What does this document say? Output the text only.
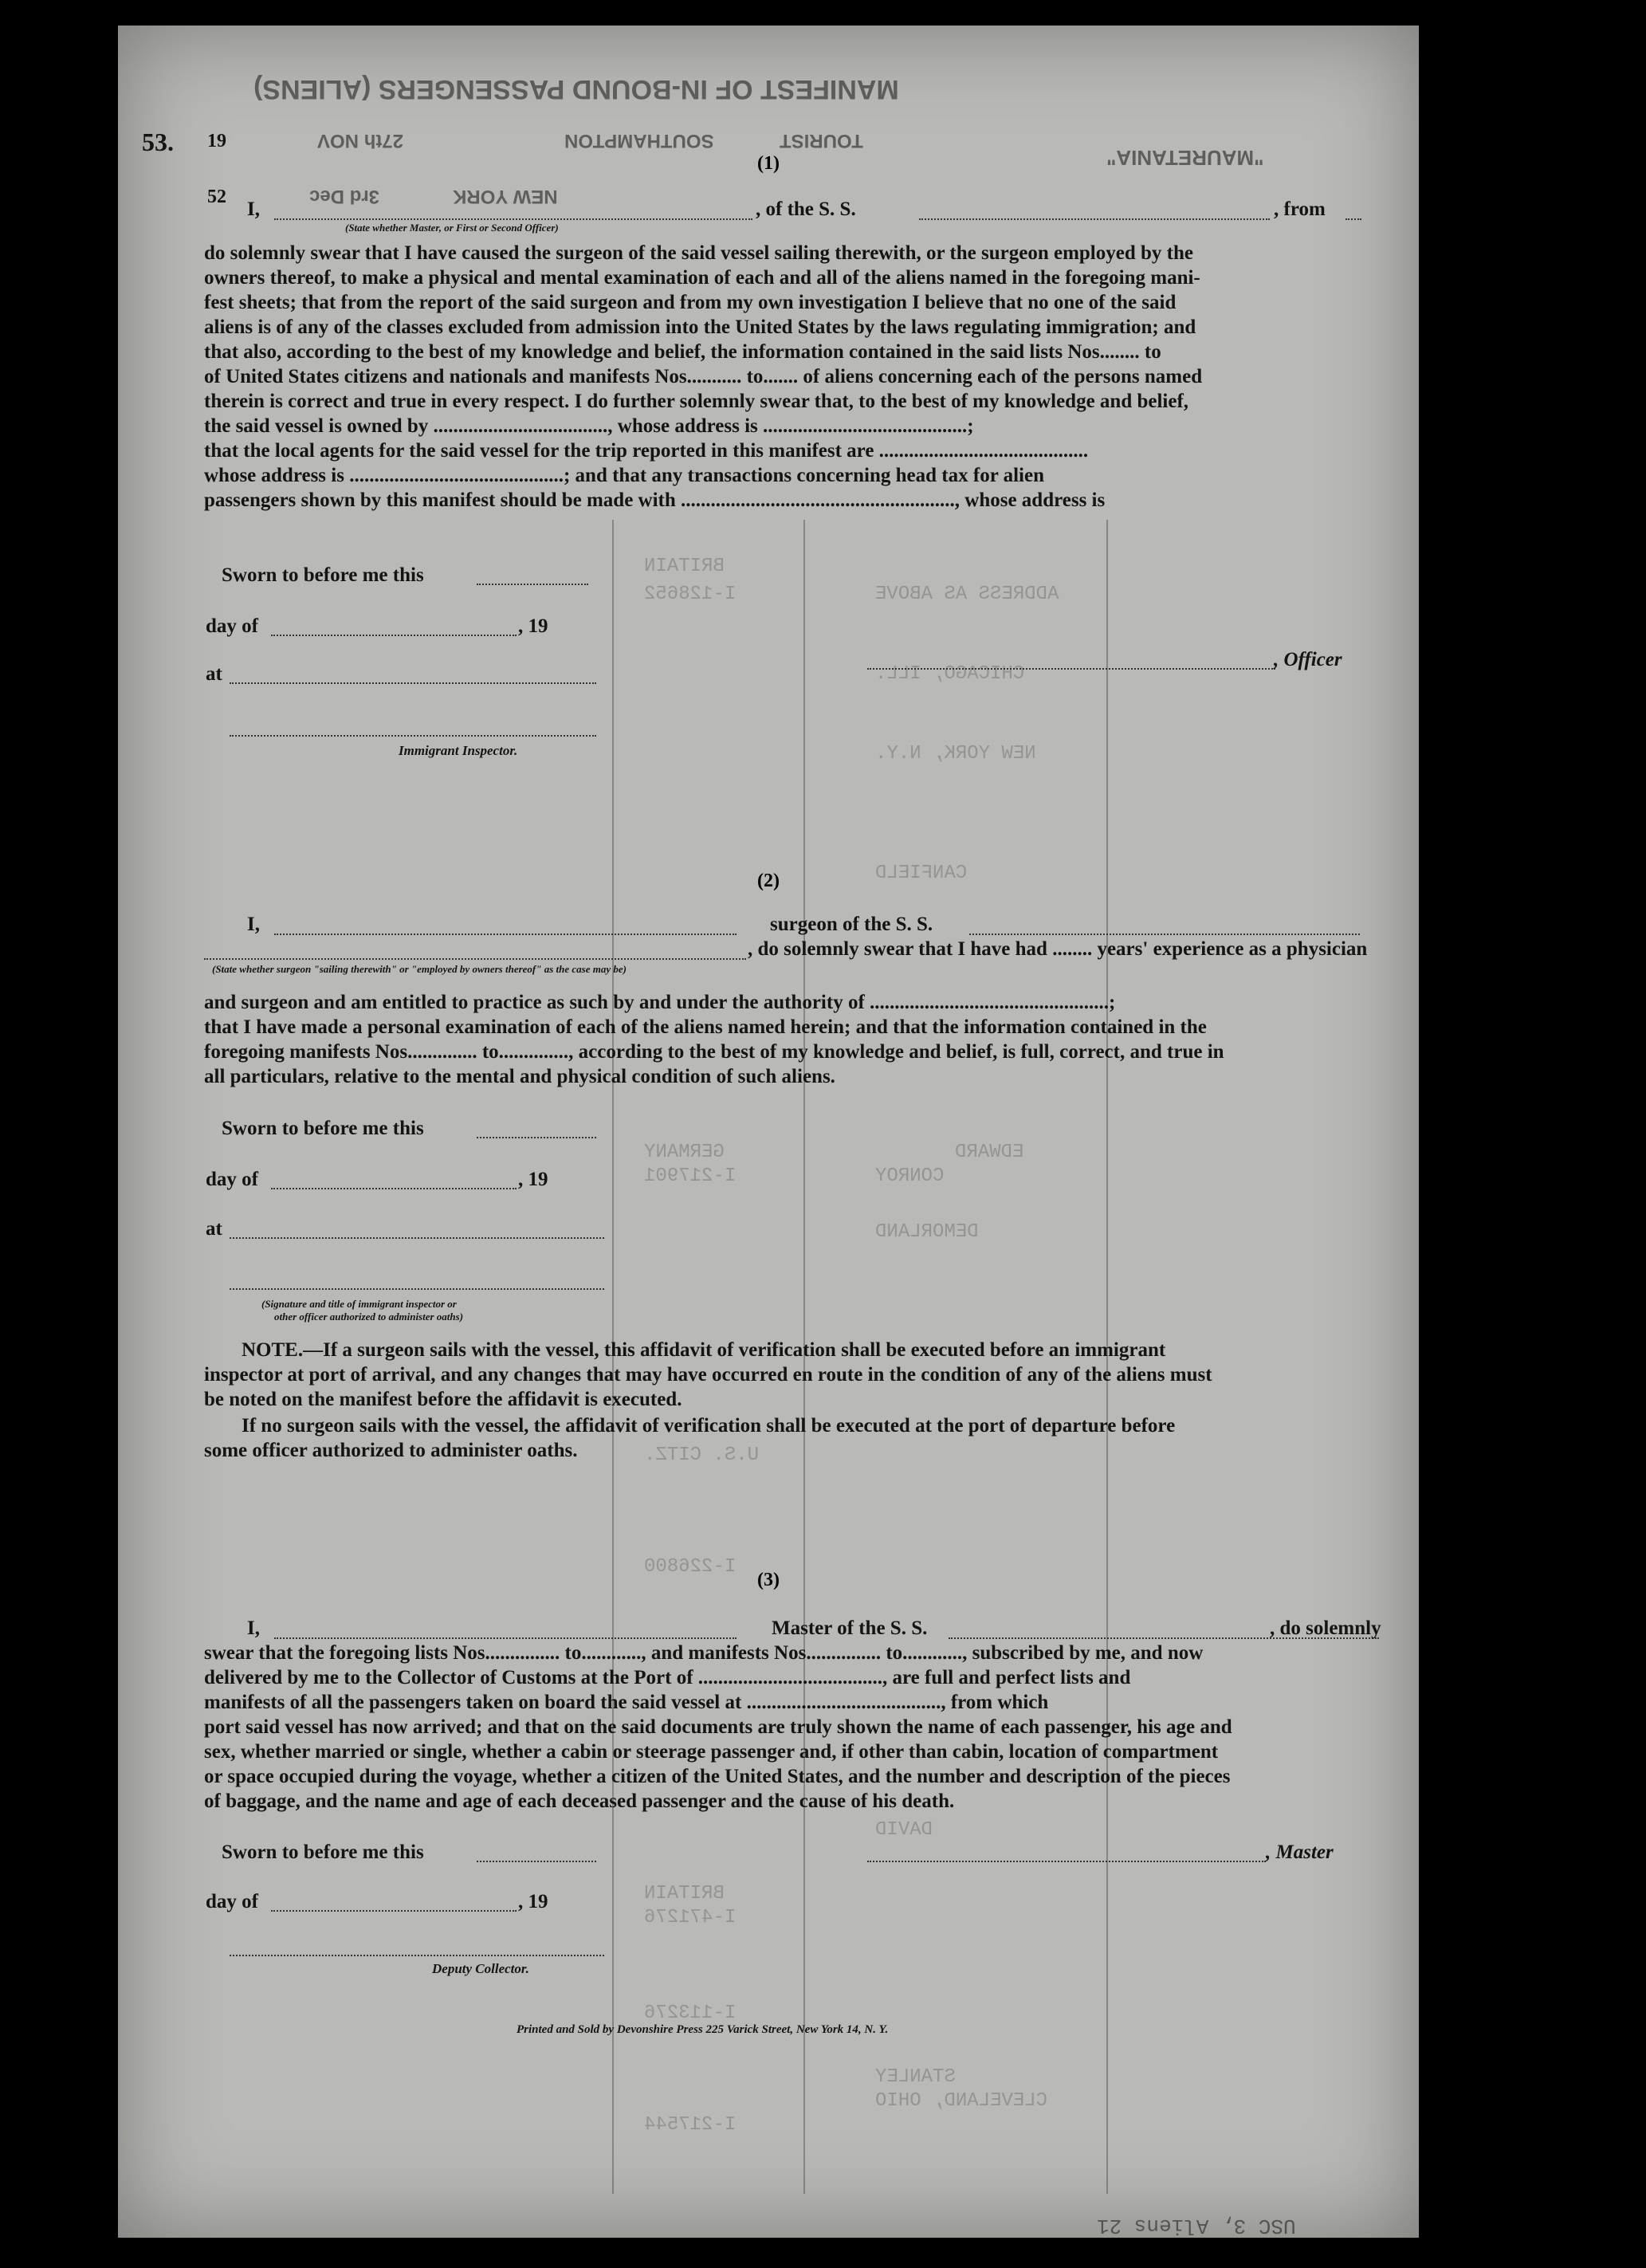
MANIFEST OF IN-BOUND PASSENGERS (ALIENS)
"MAURETANIA"
SOUTHAMPTON
27th NOV
NEW YORK
3rd Dec
TOURIST
53. 19
52
ADDRESS AS ABOVE
BRITAIN
I-128652
CHICAGO, ILL.
NEW YORK, N.Y.
GERMANY
I-217901
U.S. CITZ.
I-226800
BRITAIN
I-471276
I-113276
I-217544
DEMORLAND
CONROY
EDWARD
CANFIELD
DAVID
STANLEY
CLEVELAND, OHIO
(1)
I,	, of the S. S.	, from
(State whether Master, or First or Second Officer)
do solemnly swear that I have caused the surgeon of the said vessel sailing therewith, or the surgeon employed by the
owners thereof, to make a physical and mental examination of each and all of the aliens named in the foregoing mani-
fest sheets; that from the report of the said surgeon and from my own investigation I believe that no one of the said
aliens is of any of the classes excluded from admission into the United States by the laws regulating immigration; and
that also, according to the best of my knowledge and belief, the information contained in the said lists Nos........ to
of United States citizens and nationals and manifests Nos........... to....... of aliens concerning each of the persons named
therein is correct and true in every respect. I do further solemnly swear that, to the best of my knowledge and belief,
the said vessel is owned by ..................................., whose address is .........................................;
that the local agents for the said vessel for the trip reported in this manifest are ..........................................
whose address is ...........................................; and that any transactions concerning head tax for alien
passengers shown by this manifest should be made with ......................................................., whose address is
Sworn to before me this
day of	, 19
at
, Officer
Immigrant Inspector.
(2)
I,	surgeon of the S. S.
, do solemnly swear that I have had ........ years' experience as a physician
(State whether surgeon "sailing therewith" or "employed by owners thereof" as the case may be)
and surgeon and am entitled to practice as such by and under the authority of ................................................;
that I have made a personal examination of each of the aliens named herein; and that the information contained in the
foregoing manifests Nos.............. to.............., according to the best of my knowledge and belief, is full, correct, and true in
all particulars, relative to the mental and physical condition of such aliens.
Sworn to before me this
day of	, 19
at
(Signature and title of immigrant inspector or
other officer authorized to administer oaths)
NOTE.—If a surgeon sails with the vessel, this affidavit of verification shall be executed before an immigrant
inspector at port of arrival, and any changes that may have occurred en route in the condition of any of the aliens must
be noted on the manifest before the affidavit is executed.
If no surgeon sails with the vessel, the affidavit of verification shall be executed at the port of departure before
some officer authorized to administer oaths.
(3)
I,	Master of the S. S.	, do solemnly
swear that the foregoing lists Nos............... to............, and manifests Nos............... to............, subscribed by me, and now
delivered by me to the Collector of Customs at the Port of ....................................., are full and perfect lists and
manifests of all the passengers taken on board the said vessel at ......................................., from which
port said vessel has now arrived; and that on the said documents are truly shown the name of each passenger, his age and
sex, whether married or single, whether a cabin or steerage passenger and, if other than cabin, location of compartment
or space occupied during the voyage, whether a citizen of the United States, and the number and description of the pieces
of baggage, and the name and age of each deceased passenger and the cause of his death.
Sworn to before me this	, Master
day of	, 19
Deputy Collector.
Printed and Sold by Devonshire Press 225 Varick Street, New York 14, N. Y.
USC 3, Aliens 21
